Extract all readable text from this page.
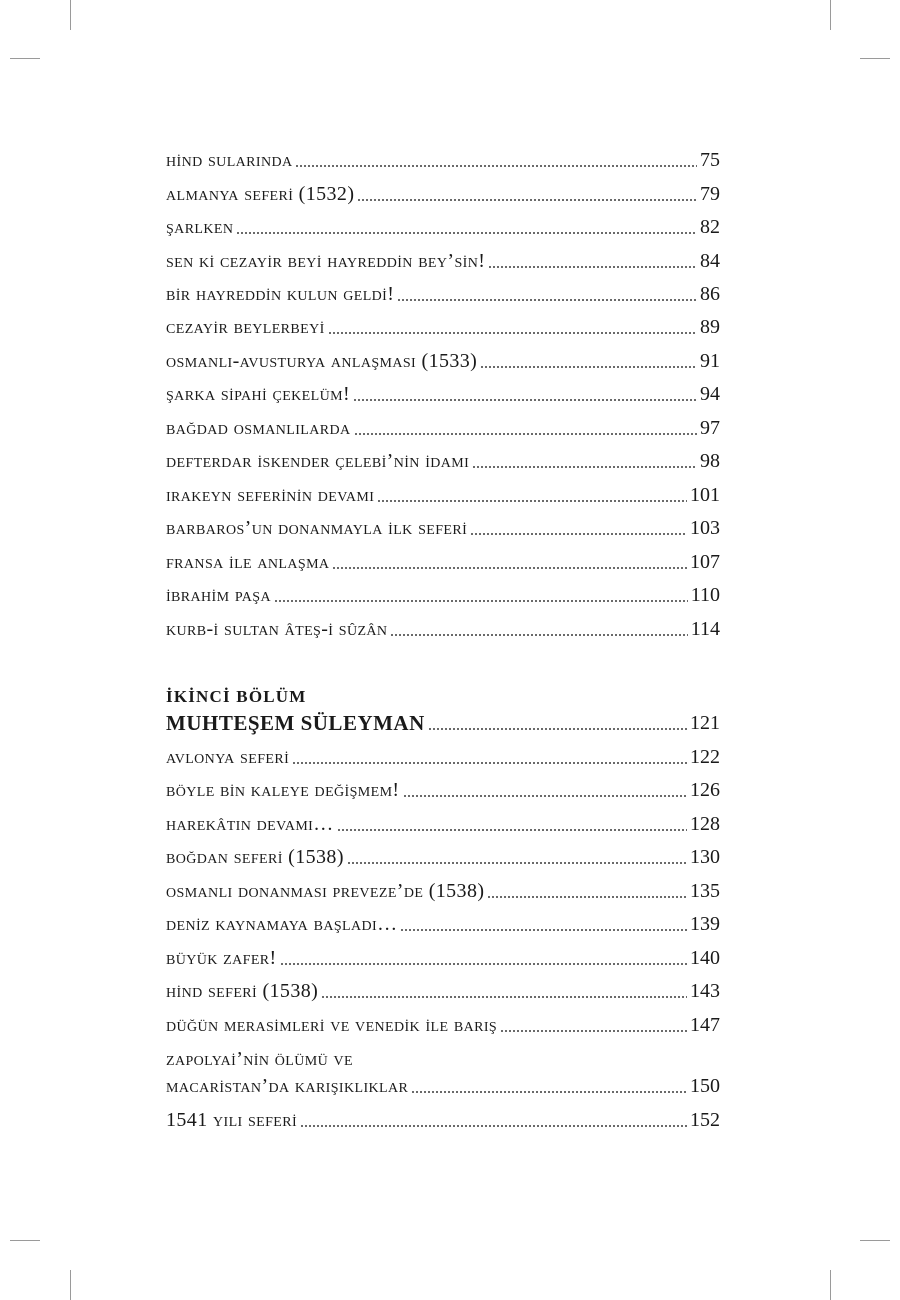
hi̇nd sularinda	75
almanya seferi̇ (1532)	79
şarlken	82
sen ki̇ cezayi̇r beyi̇ hayreddi̇n bey’si̇n!	84
bi̇r hayreddi̇n kulun geldi̇!	86
cezayi̇r beylerbeyi̇	89
osmanli-avusturya anlaşmasi (1533)	91
şarka si̇pahi̇ çekelüm!	94
bağdad osmanlilarda	97
defterdar i̇skender çelebi̇’ni̇n i̇dami	98
irakeyn seferi̇ni̇n devami	101
barbaros’un donanmayla i̇lk seferi̇	103
fransa i̇le anlaşma	107
i̇brahi̇m paşa	110
kurb-i̇ sultan âteş-i̇ sûzân	114
İKİNCİ BÖLÜM
MUHTEŞEM SÜLEYMAN	121
avlonya seferi̇	122
böyle bi̇n kaleye deği̇şmem!	126
harekâtin devami…	128
boğdan seferi̇ (1538)	130
osmanli donanmasi preveze’de (1538)	135
deni̇z kaynamaya başladi…	139
büyük zafer!	140
hi̇nd seferi̇ (1538)	143
düğün merasi̇mleri̇ ve venedi̇k i̇le bariş	147
zapolyai̇’ni̇n ölümü ve
macari̇stan’da karişikliklar	150
1541 yili seferi̇	152
